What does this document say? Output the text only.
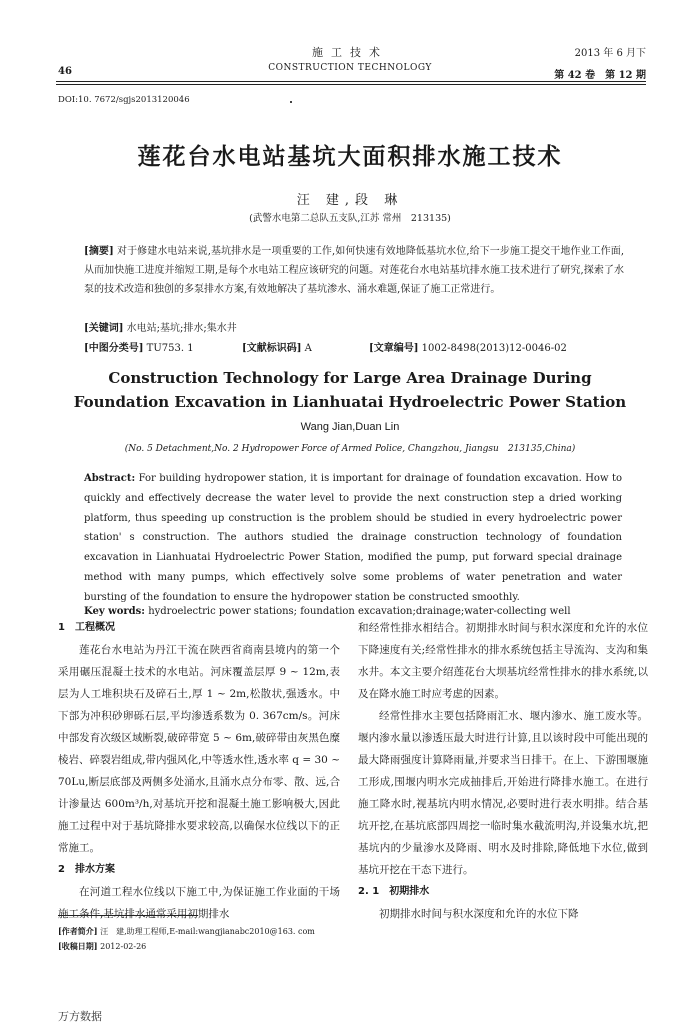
施工技术
CONSTRUCTION TECHNOLOGY
2013 年 6 月下
46	第 42 卷　第 12 期
DOI:10. 7672/sgjs2013120046
莲花台水电站基坑大面积排水施工技术
汪 建,段 琳
(武警水电第二总队五支队,江苏 常州　213135)
[摘要] 对于修建水电站来说,基坑排水是一项重要的工作,如何快速有效地降低基坑水位,给下一步施工提交干地作业工作面,从而加快施工进度并缩短工期,是每个水电站工程应该研究的问题。对莲花台水电站基坑排水施工技术进行了研究,探索了水泵的技术改造和独创的多泵排水方案,有效地解决了基坑渗水、涌水难题,保证了施工正常进行。
[关键词] 水电站;基坑;排水;集水井
[中图分类号] TU753. 1	[文献标识码] A	[文章编号] 1002-8498(2013)12-0046-02
Construction Technology for Large Area Drainage During
Foundation Excavation in Lianhuatai Hydroelectric Power Station
Wang Jian,Duan Lin
(No. 5 Detachment,No. 2 Hydropower Force of Armed Police, Changzhou, Jiangsu　213135,China)
Abstract: For building hydropower station, it is important for drainage of foundation excavation. How to quickly and effectively decrease the water level to provide the next construction step a dried working platform, thus speeding up construction is the problem should be studied in every hydroelectric power station' s construction. The authors studied the drainage construction technology of foundation excavation in Lianhuatai Hydroelectric Power Station, modified the pump, put forward special drainage method with many pumps, which effectively solve some problems of water penetration and water bursting of the foundation to ensure the hydropower station be constructed smoothly.
Key words: hydroelectric power stations; foundation excavation;drainage;water-collecting well
1　工程概况
莲花台水电站为丹江干流在陕西省商南县境内的第一个采用碾压混凝土技术的水电站。河床覆盖层厚 9 ~ 12m,表层为人工堆积块石及碎石土,厚 1 ~ 2m,松散状,强透水。中下部为冲积砂卵砾石层,平均渗透系数为 0. 367cm/s。河床中部发育次级区域断裂,破碎带宽 5 ~ 6m,破碎带由灰黑色糜棱岩、碎裂岩组成,带内强风化,中等透水性,透水率 q = 30 ~ 70Lu,断层底部及两侧多处涌水,且涌水点分布零、散、远,合计渗量达 600m³/h,对基坑开挖和混凝土施工影响极大,因此施工过程中对于基坑降排水要求较高,以确保水位线以下的正常施工。
2　排水方案
在河道工程水位线以下施工中,为保证施工作业面的干场施工条件,基坑排水通常采用初期排水
和经常性排水相结合。初期排水时间与积水深度和允许的水位下降速度有关;经常性排水的排水系统包括主导流沟、支沟和集水井。本文主要介绍莲花台大坝基坑经常性排水的排水系统,以及在降水施工时应考虑的因素。
经常性排水主要包括降雨汇水、堰内渗水、施工废水等。堰内渗水量以渗透压最大时进行计算,且以该时段中可能出现的最大降雨强度计算降雨量,并要求当日排干。在上、下游围堰施工形成,围堰内明水完成抽排后,开始进行降排水施工。在进行施工降水时,视基坑内明水情况,必要时进行表水明排。结合基坑开挖,在基坑底部四周挖一临时集水截流明沟,并设集水坑,把基坑内的少量渗水及降雨、明水及时排除,降低地下水位,做到基坑开挖在干态下进行。
2. 1　初期排水
初期排水时间与积水深度和允许的水位下降
[作者简介] 汪　建,助理工程师,E-mail:wangjianabc2010@163. com
[收稿日期] 2012-02-26
万方数据
